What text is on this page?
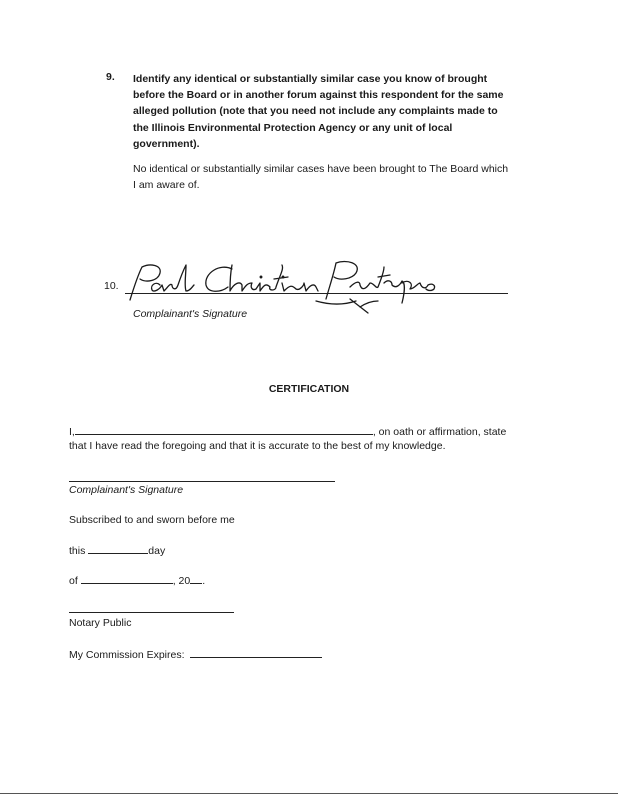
9. Identify any identical or substantially similar case you know of brought before the Board or in another forum against this respondent for the same alleged pollution (note that you need not include any complaints made to the Illinois Environmental Protection Agency or any unit of local government).
No identical or substantially similar cases have been brought to The Board which I am aware of.
10.
Complainant's Signature
CERTIFICATION
I,	, on oath or affirmation, state
that I have read the foregoing and that it is accurate to the best of my knowledge.
Complainant's Signature
Subscribed to and sworn before me
this	day
of	, 20 .
Notary Public
My Commission Expires:
